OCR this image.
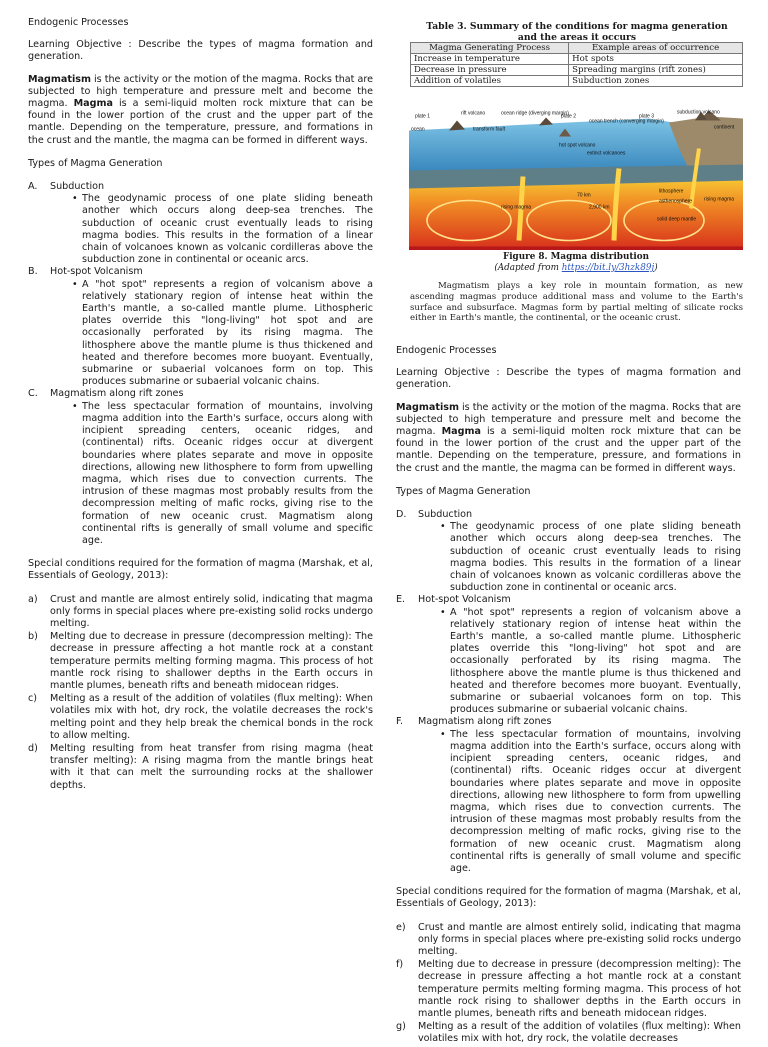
Endogenic Processes

Learning Objective : Describe the types of magma formation and generation.

Magmatism is the activity or the motion of the magma. Rocks that are subjected to high temperature and pressure melt and become the magma. Magma is a semi-liquid molten rock mixture that can be found in the lower portion of the crust and the upper part of the mantle. Depending on the temperature, pressure, and formations in the crust and the mantle, the magma can be formed in different ways.

Types of Magma Generation

A. Subduction
• The geodynamic process of one plate sliding beneath another which occurs along deep-sea trenches. The subduction of oceanic crust eventually leads to rising magma bodies. This results in the formation of a linear chain of volcanoes known as volcanic cordilleras above the subduction zone in continental or oceanic arcs.
B. Hot-spot Volcanism
• A "hot spot" represents a region of volcanism above a relatively stationary region of intense heat within the Earth's mantle, a so-called mantle plume. Lithospheric plates override this "long-living" hot spot and are occasionally perforated by its rising magma. The lithosphere above the mantle plume is thus thickened and heated and therefore becomes more buoyant. Eventually, submarine or subaerial volcanoes form on top. This produces submarine or subaerial volcanic chains.
C. Magmatism along rift zones
• The less spectacular formation of mountains, involving magma addition into the Earth's surface, occurs along with incipient spreading centers, oceanic ridges, and (continental) rifts. Oceanic ridges occur at divergent boundaries where plates separate and move in opposite directions, allowing new lithosphere to form from upwelling magma, which rises due to convection currents. The intrusion of these magmas most probably results from the decompression melting of mafic rocks, giving rise to the formation of new oceanic crust. Magmatism along continental rifts is generally of small volume and specific age.

Special conditions required for the formation of magma (Marshak, et al, Essentials of Geology, 2013):

a) Crust and mantle are almost entirely solid, indicating that magma only forms in special places where pre-existing solid rocks undergo melting.
b) Melting due to decrease in pressure (decompression melting): The decrease in pressure affecting a hot mantle rock at a constant temperature permits melting forming magma. This process of hot mantle rock rising to shallower depths in the Earth occurs in mantle plumes, beneath rifts and beneath midocean ridges.
c) Melting as a result of the addition of volatiles (flux melting): When volatiles mix with hot, dry rock, the volatile decreases the rock's melting point and they help break the chemical bonds in the rock to allow melting.
d) Melting resulting from heat transfer from rising magma (heat transfer melting): A rising magma from the mantle brings heat with it that can melt the surrounding rocks at the shallower depths.
Table 3. Summary of the conditions for magma generation
and the areas it occurs
Magma Generating Process	Example areas of occurrence
Increase in temperature	Hot spots
Decrease in pressure	Spreading margins (rift zones)
Addition of volatiles	Subduction zones
plate 1	rift volcano	ocean ridge (diverging margin)
plate 2
ocean trench (converging margin)
plate 3
subduction volcano
continent
ocean	transform fault
hot spot volcano
extinct volcanoes
rising magma
70 km
2,900 km
lithosphere
asthenosphere
solid deep mantle
rising magma
Figure 8. Magma distribution
(Adapted from https://bit.ly/3hzk89j)
Magmatism plays a key role in mountain formation, as new ascending magmas produce additional mass and volume to the Earth's surface and subsurface. Magmas form by partial melting of silicate rocks either in Earth's mantle, the continental, or the oceanic crust.

Endogenic Processes

Learning Objective : Describe the types of magma formation and generation.

Magmatism is the activity or the motion of the magma. Rocks that are subjected to high temperature and pressure melt and become the magma. Magma is a semi-liquid molten rock mixture that can be found in the lower portion of the crust and the upper part of the mantle. Depending on the temperature, pressure, and formations in the crust and the mantle, the magma can be formed in different ways.

Types of Magma Generation

D. Subduction
• The geodynamic process of one plate sliding beneath another which occurs along deep-sea trenches. The subduction of oceanic crust eventually leads to rising magma bodies. This results in the formation of a linear chain of volcanoes known as volcanic cordilleras above the subduction zone in continental or oceanic arcs.
E. Hot-spot Volcanism
• A "hot spot" represents a region of volcanism above a relatively stationary region of intense heat within the Earth's mantle, a so-called mantle plume. Lithospheric plates override this "long-living" hot spot and are occasionally perforated by its rising magma. The lithosphere above the mantle plume is thus thickened and heated and therefore becomes more buoyant. Eventually, submarine or subaerial volcanoes form on top. This produces submarine or subaerial volcanic chains.
F. Magmatism along rift zones
• The less spectacular formation of mountains, involving magma addition into the Earth's surface, occurs along with incipient spreading centers, oceanic ridges, and (continental) rifts. Oceanic ridges occur at divergent boundaries where plates separate and move in opposite directions, allowing new lithosphere to form from upwelling magma, which rises due to convection currents. The intrusion of these magmas most probably results from the decompression melting of mafic rocks, giving rise to the formation of new oceanic crust. Magmatism along continental rifts is generally of small volume and specific age.

Special conditions required for the formation of magma (Marshak, et al, Essentials of Geology, 2013):

e) Crust and mantle are almost entirely solid, indicating that magma only forms in special places where pre-existing solid rocks undergo melting.
f) Melting due to decrease in pressure (decompression melting): The decrease in pressure affecting a hot mantle rock at a constant temperature permits melting forming magma. This process of hot mantle rock rising to shallower depths in the Earth occurs in mantle plumes, beneath rifts and beneath midocean ridges.
g) Melting as a result of the addition of volatiles (flux melting): When volatiles mix with hot, dry rock, the volatile decreases
